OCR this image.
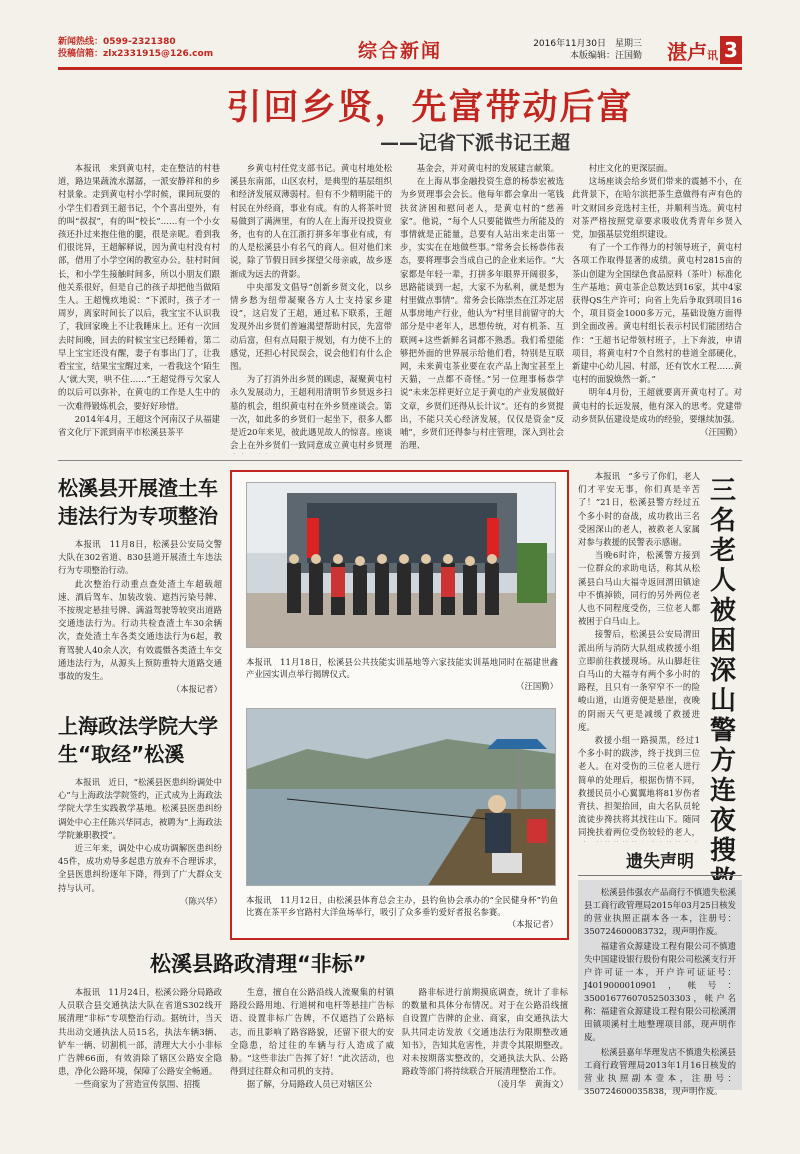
新闻热线：0599-2321380
投稿信箱：zlx2331915@126.com	综合新闻	2016年11月30日　星期三
本版编辑：汪国勤 湛卢讯 3
引回乡贤，先富带动后富
——记省下派书记王超
本报讯　来到黄屯村，走在整洁的村巷道，路边果蔬流水潺潺，一派安静祥和的乡村景象。走到黄屯村小学时候，课间玩耍的小学生们看到王超书记，个个喜出望外，有的叫“叔叔”，有的叫“校长”……有一个小女孩还扑过来抱住他的腿，很是亲昵。看到我们很诧异，王超解释说，因为黄屯村没有村部，借用了小学空闲的教室办公。驻村时间长，和小学生接触时间多，所以小朋友们跟他关系很好，但是自己的孩子却把他当做陌生人。王超愧疚地说：“下派时，孩子才一周岁，离家时间长了以后，我宝宝不认识我了，我回家晚上不让我睡床上。还有一次回去时间晚，回去的时候宝宝已经睡着，第二早上宝宝还没有醒，妻子有事出门了，让我看宝宝，结果宝宝醒过来，一看我这个‘陌生人’就大哭，哄不住……”王超觉得亏欠家人的以后可以弥补，在黄屯的工作是人生中的一次难得锻炼机会，要好好珍惜。
2014年4月，王超这个河南汉子从福建省文化厅下派到南平市松溪县茶平
乡黄屯村任党支部书记。黄屯村地处松溪县东南部，山区农村，是典型的基层组织和经济发展双薄弱村。但有不少精明能干的村民在外经商，事业有成。有的人将茶叶贸易做到了满洲里，有的人在上海开设投资业务，也有的人在江浙打拼多年事业有成，有的人是松溪县小有名气的商人。但对他们来说，除了节假日回乡探望父母亲戚，故乡逐渐成为远去的背影。
中央部发文倡导“创新乡贤文化，以乡情乡愁为纽带凝聚各方人士支持家乡建设”，这启发了王超，通过私下联系，王超发现外出乡贤们普遍渴望帮助村民，先富带动后富，但有点局限于规划，有力使不上的感觉，还担心村民误会，说会他们有什么企图。
为了打消外出乡贤的顾虑，凝聚黄屯村永久发展动力，王超利用清明节乡贤返乡扫墓的机会，组织黄屯村在外乡贤座谈会。第一次，如此多的乡贤们一起坐下，很多人都是近20年来见，彼此遇见故人的惊喜。座谈会上在外乡贤们一致同意成立黄屯村乡贤理
基金会，并对黄屯村的发展建言献策。
在上海从事金融投资生意的杨恭宏被选为乡贤理事会会长。他每年都会拿出一笔钱扶贫济困和慰问老人，是黄屯村的“慈善家”。他说，“每个人只要能做些力所能及的事情就是正能量，总要有人站出来走出第一步，实实在在地做些事。”常务会长杨恭伟表态，要将理事会当成自己的企业来运作。“大家都是年轻一辈，打拼多年眼界开阔很多，思路能谈到一起，大家不为私利，就是想为村里做点事情”。常务会长陈崇杰在江苏定居从事房地产行业，他认为“村里目前留守的大部分是中老年人，思想传统，对有机茶、互联网+这些新鲜名词都不熟悉。我们希望能够把外面的世界展示给他们看，特别是互联网，未来黄屯茶业要在农产品上淘宝甚至上天猫，一点都不奇怪。”另一位理事杨恭学说“未来怎样更好立足于黄屯的产业发展做好文章，乡贤们还得从长计议”。还有的乡贤提出，不能只关心经济发展，仅仅是资金“反哺”，乡贤们还得参与村庄管理，深入到社会治理、
村庄文化的更深层面。
这场座谈会给乡贤们带来的震撼不小，在此背景下，在哈尔滨把茶生意做得有声有色的叶文财回乡竞选村主任，并顺利当选。黄屯村对茶严格按照党章要求吸收优秀青年乡贤入党，加强基层党组织建设。
有了一个工作得力的村领导班子，黄屯村各项工作取得显著的成绩。黄屯村2815亩的茶山创建为全国绿色食品原料（茶叶）标准化生产基地；黄屯茶企总数达到16家，其中4家获得QS生产许可；向省上先后争取到项目16个，项目资金1000多万元，基础设施方面得到全面改善。黄屯村组长表示村民们能团结合作：“王超书记带领村班子，上下奔波，申请项目，将黄屯村7个自然村的巷道全部硬化，新建中心幼儿园、村部，还有饮水工程……黄屯村的面貌焕然一新。”
明年4月份，王超就要离开黄屯村了。对黄屯村的长远发展，他有深入的思考。党建带动乡贤队伍建设是成功的经验，要继续加强。
（汪国勤）
松溪县开展渣土车违法行为专项整治
本报讯　11月8日，松溪县公安局交警大队在302省道、830县道开展渣土车违法行为专项整治行动。
此次整治行动重点查处渣土车超载超速、酒后驾车、加装改装、遮挡污染号牌、不按规定悬挂号牌、满溢驾驶等较突出道路交通违法行为。行动共检查渣土车30余辆次，查处渣土车各类交通违法行为6起，教育驾驶人40余人次，有效震慑各类渣土车交通违法行为，从源头上预防重特大道路交通事故的发生。
（本报记者）
上海政法学院大学生“取经”松溪
本报讯　近日，“松溪县医患纠纷调处中心”与上海政法学院签约，正式成为上海政法学院大学生实践教学基地。松溪县医患纠纷调处中心主任陈兴华同志，被聘为“上海政法学院兼职教授”。
近三年来，调处中心成功调解医患纠纷45件，成功劝导多起患方放弃不合理诉求，全县医患纠纷逐年下降，得到了广大群众支持与认可。
（陈兴华）
本报讯　11月18日，松溪县公共技能实训基地等六家技能实训基地同时在福建世鑫产业园实训点举行揭牌仪式。
（汪国勤）
本报讯　11月12日，由松溪县体育总会主办，县钓鱼协会承办的“全民健身杯”钓鱼比赛在茶平乡官路村大洋鱼场举行，吸引了众多垂钓爱好者报名参赛。
（本报记者）
本报讯　“多亏了你们，老人们才平安无事，你们真是辛苦了！”21日，松溪县警方经过五个多小时的奋战，成功救出三名受困深山的老人，被救老人家属对参与救援的民警表示感谢。
当晚6时许，松溪警方接到一位群众的求助电话，称其从松溪县白马山大福寺返回渭田镇途中不慎掉锁，同行的另外两位老人也不同程度受伤，三位老人都被困于白马山上。
接警后，松溪县公安局渭田派出所与消防大队组成救援小组立即前往救援现场。从山脚赶往白马山的大福寺有两个多小时的路程，且只有一条窄窄不一的险峻山道，山道旁便是悬崖，夜晚的阴雨天气更是减缓了救援进度。
救援小组一路摸黑，经过1个多小时的跋涉，终于找到三位老人。在对受伤的三位老人进行简单的处理后，根据伤情不同，救援民员小心翼翼地将81岁伤者背扶、担架抬回，由大名队员轮流徒步搀扶将其找往山下。随同同挽扶着两位受伤较轻的老人，
三名老人被困深山警方连夜搜
遗失声明

松溪县伟强农产品商行不慎遗失松溪县工商行政管理局2015年03月25日核发的营业执照正副本各一本，注册号：350724600083732，现声明作废。

福建省众源建设工程有限公司不慎遗失中国建设银行股份有限公司松溪支行开户许可证一本，开户许可证证号：J4019000010901，帐号：35001677607052503303，帐户名称：福建省众源建设工程有限公司松溪渭田镇项溪村土地整理项目部，现声明作废。

松溪县嘉年华理发店不慎遗失松溪县工商行政管理局2013年1月16日核发的营业执照副本壹本，注册号：350724600035838，现声明作废。

松溪县路政清理“非标”
本报讯　11月24日，松溪公路分局路政人员联合县交通执法大队在省道S302线开展清理“非标”专项整治行动。据统计，当天共出动交通执法人员15名，执法车辆3辆、铲车一辆、切割机一部，清理大大小小非标广告牌66面，有效消除了辖区公路安全隐患，净化公路环境，保障了公路安全畅通。
一些商家为了营造宣传氛围、招揽
生意，擅自在公路沿线人流聚集的村镇路段公路用地、行道树和电杆等悬挂广告标语、设置非标广告牌，不仅遮挡了公路标志，而且影响了路容路貌，还留下很大的安全隐患，给过往的车辆与行人造成了威胁。“这些非法广告挥了好！”此次活动，也得到过往群众和司机的支持。
据了解，分局路政人员已对辖区公
路非标进行前期摸底调查，统计了非标的数量和具体分布情况。对于在公路沿线擅自设置广告牌的企业、商家，由交通执法大队共同走访发放《交通违法行为限期整改通知书》，告知其危害性，并责令其限期整改。对未按期落实整改的，交通执法大队、公路路政等部门将持续联合开展清理整治工作。
（凌月华　黄海文）
